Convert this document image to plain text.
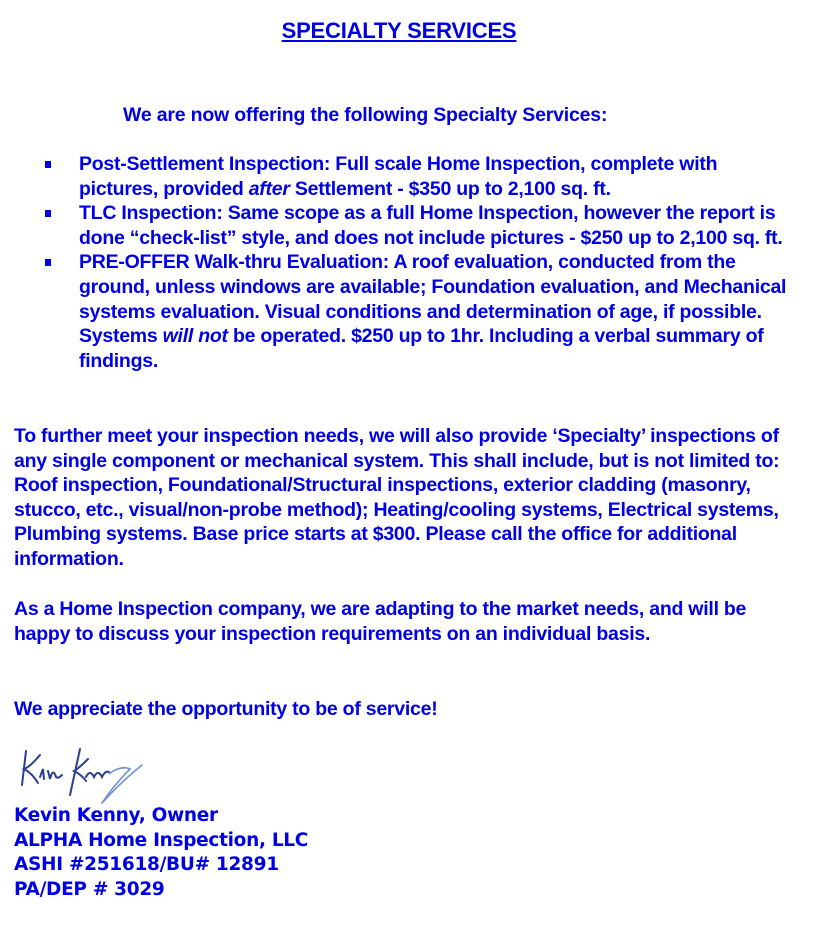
SPECIALTY SERVICES
We are now offering the following Specialty Services:
Post-Settlement Inspection: Full scale Home Inspection, complete with pictures, provided after Settlement - $350 up to 2,100 sq. ft.
TLC Inspection: Same scope as a full Home Inspection, however the report is done “check-list” style, and does not include pictures - $250 up to 2,100 sq. ft.
PRE-OFFER Walk-thru Evaluation: A roof evaluation, conducted from the ground, unless windows are available; Foundation evaluation, and Mechanical systems evaluation. Visual conditions and determination of age, if possible. Systems will not be operated. $250 up to 1hr. Including a verbal summary of findings.

To further meet your inspection needs, we will also provide ‘Specialty’ inspections of any single component or mechanical system. This shall include, but is not limited to: Roof inspection, Foundational/Structural inspections, exterior cladding (masonry, stucco, etc., visual/non-probe method); Heating/cooling systems, Electrical systems, Plumbing systems. Base price starts at $300. Please call the office for additional information.

As a Home Inspection company, we are adapting to the market needs, and will be happy to discuss your inspection requirements on an individual basis.

We appreciate the opportunity to be of service!

Kevin Kenny, Owner
ALPHA Home Inspection, LLC
ASHI #251618/BU# 12891
PA/DEP # 3029
